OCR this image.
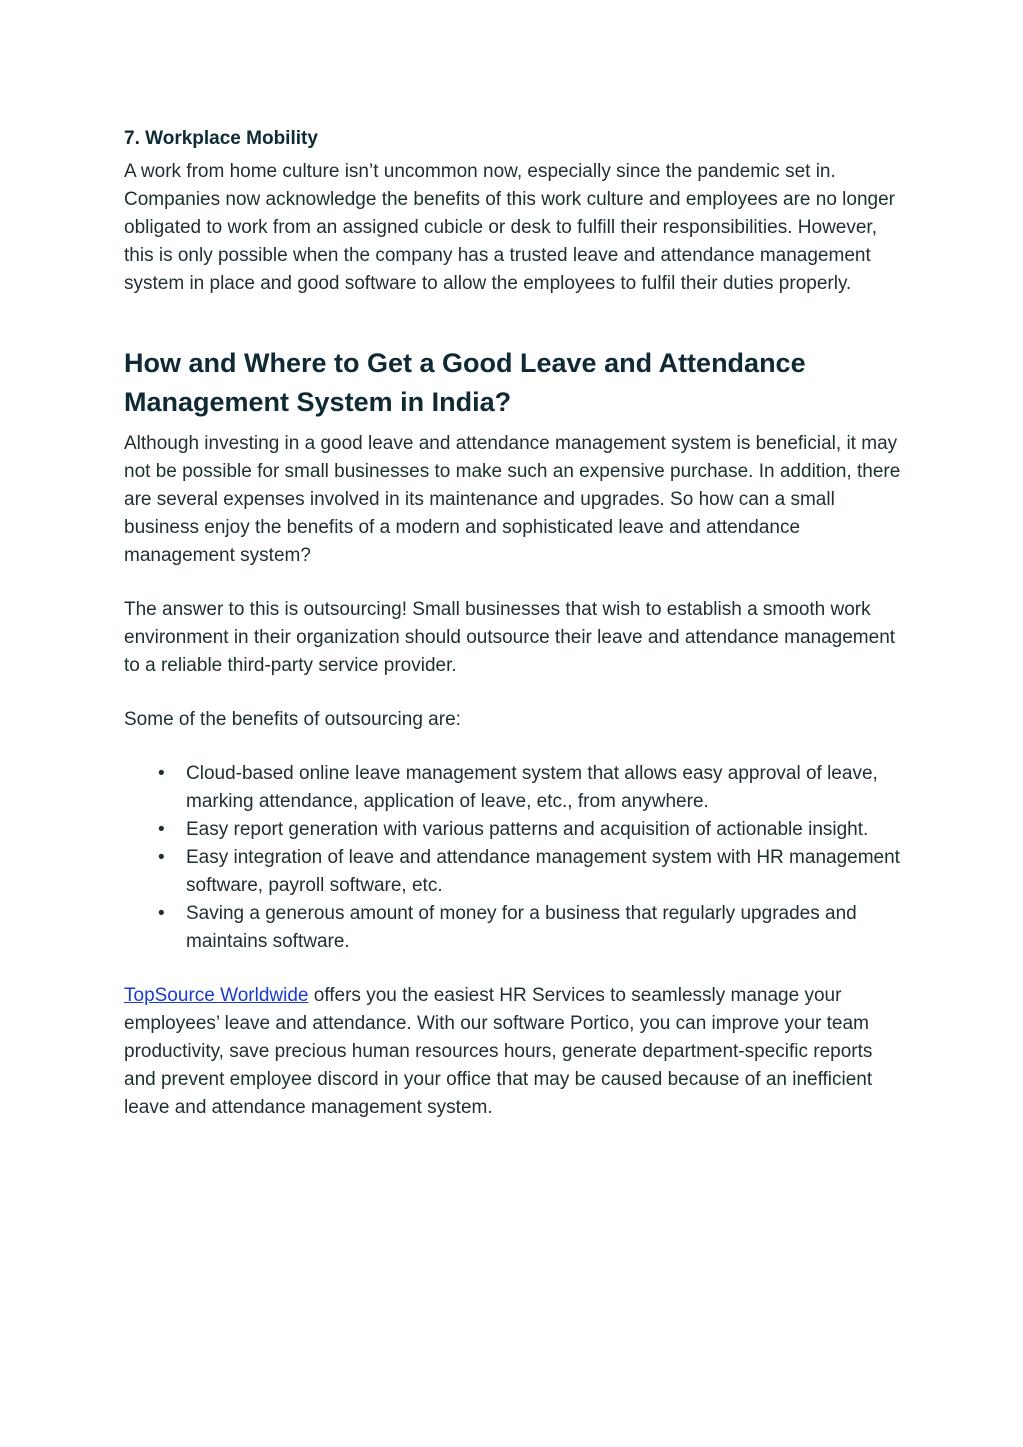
7. Workplace Mobility

A work from home culture isn’t uncommon now, especially since the pandemic set in. Companies now acknowledge the benefits of this work culture and employees are no longer obligated to work from an assigned cubicle or desk to fulfill their responsibilities. However, this is only possible when the company has a trusted leave and attendance management system in place and good software to allow the employees to fulfil their duties properly.

How and Where to Get a Good Leave and Attendance Management System in India?

Although investing in a good leave and attendance management system is beneficial, it may not be possible for small businesses to make such an expensive purchase. In addition, there are several expenses involved in its maintenance and upgrades. So how can a small business enjoy the benefits of a modern and sophisticated leave and attendance management system?

The answer to this is outsourcing! Small businesses that wish to establish a smooth work environment in their organization should outsource their leave and attendance management to a reliable third-party service provider.

Some of the benefits of outsourcing are:

• Cloud-based online leave management system that allows easy approval of leave, marking attendance, application of leave, etc., from anywhere.
• Easy report generation with various patterns and acquisition of actionable insight.
• Easy integration of leave and attendance management system with HR management software, payroll software, etc.
• Saving a generous amount of money for a business that regularly upgrades and maintains software.

TopSource Worldwide offers you the easiest HR Services to seamlessly manage your employees’ leave and attendance. With our software Portico, you can improve your team productivity, save precious human resources hours, generate department-specific reports and prevent employee discord in your office that may be caused because of an inefficient leave and attendance management system.
